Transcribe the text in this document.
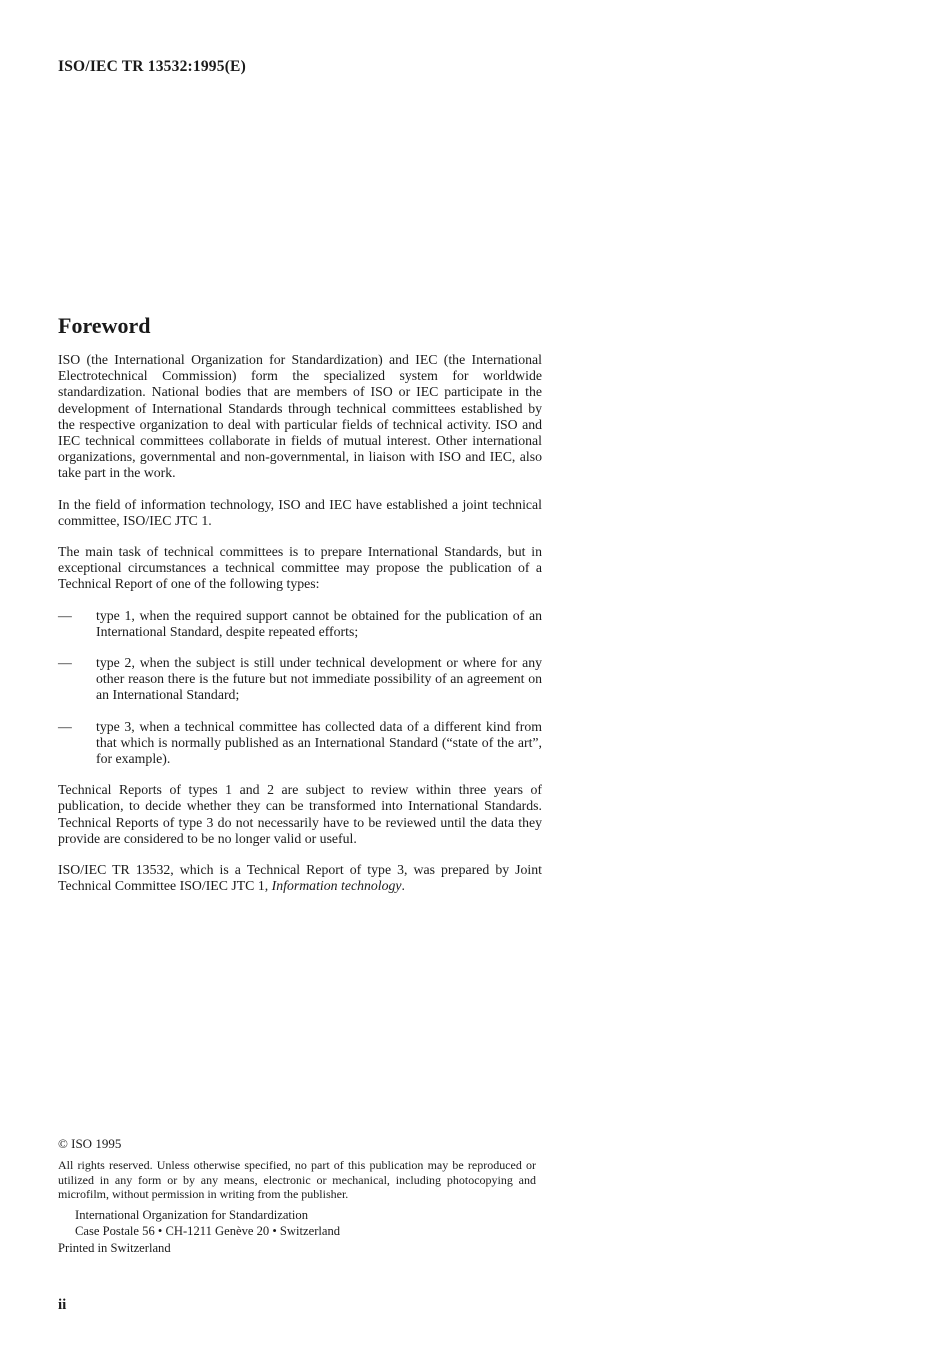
ISO/IEC TR 13532:1995(E)
Foreword

ISO (the International Organization for Standardization) and IEC (the International Electrotechnical Commission) form the specialized system for worldwide standardization. National bodies that are members of ISO or IEC participate in the development of International Standards through technical committees established by the respective organization to deal with particular fields of technical activity. ISO and IEC technical committees collaborate in fields of mutual interest. Other international organizations, governmental and non-governmental, in liaison with ISO and IEC, also take part in the work.

In the field of information technology, ISO and IEC have established a joint technical committee, ISO/IEC JTC 1.

The main task of technical committees is to prepare International Standards, but in exceptional circumstances a technical committee may propose the publication of a Technical Report of one of the following types:

—	type 1, when the required support cannot be obtained for the publication of an International Standard, despite repeated efforts;
—	type 2, when the subject is still under technical development or where for any other reason there is the future but not immediate possibility of an agreement on an International Standard;
—	type 3, when a technical committee has collected data of a different kind from that which is normally published as an International Standard (“state of the art”, for example).

Technical Reports of types 1 and 2 are subject to review within three years of publication, to decide whether they can be transformed into International Standards. Technical Reports of type 3 do not necessarily have to be reviewed until the data they provide are considered to be no longer valid or useful.

ISO/IEC TR 13532, which is a Technical Report of type 3, was prepared by Joint Technical Committee ISO/IEC JTC 1, Information technology.

© ISO 1995
All rights reserved. Unless otherwise specified, no part of this publication may be reproduced or utilized in any form or by any means, electronic or mechanical, including photocopying and microfilm, without permission in writing from the publisher.
International Organization for Standardization
Case Postale 56 • CH-1211 Genève 20 • Switzerland
Printed in Switzerland
ii
